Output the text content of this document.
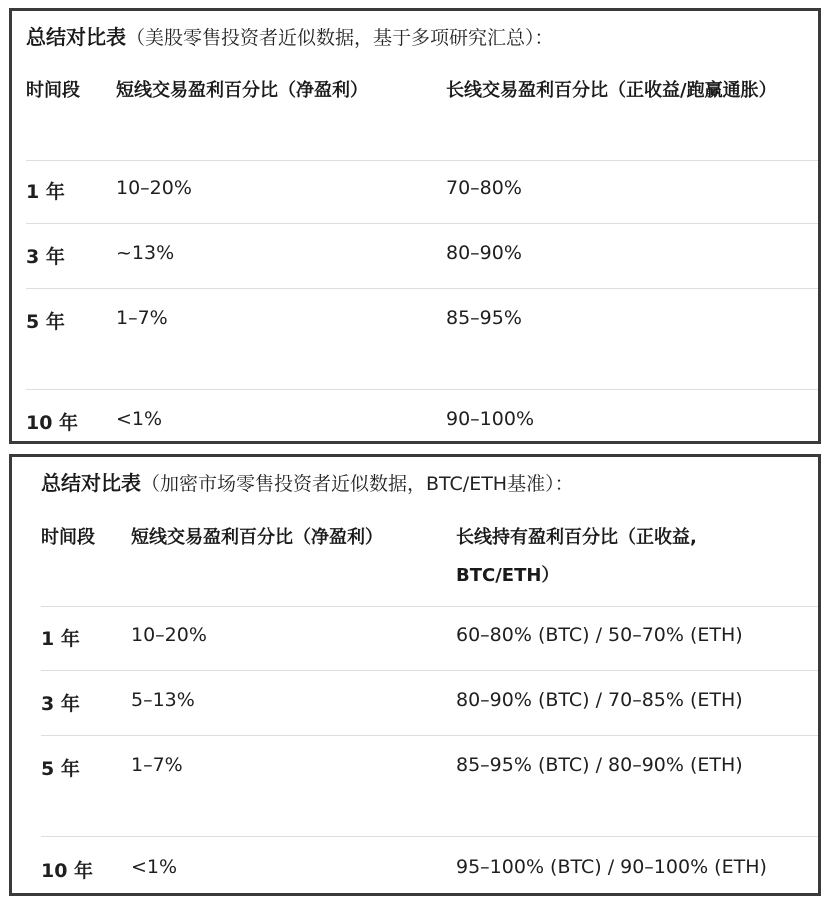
总结对比表（美股零售投资者近似数据，基于多项研究汇总）：
时间段	短线交易盈利百分比（净盈利）	长线交易盈利百分比（正收益/跑赢通胀）
1 年	10–20%	70–80%
3 年	~13%	80–90%
5 年	1–7%	85–95%
10 年 <1%	90–100%
总结对比表（加密市场零售投资者近似数据，BTC/ETH基准）：
时间段	短线交易盈利百分比（净盈利）	长线持有盈利百分比（正收益, BTC/ETH）
1 年	10–20%	60–80% (BTC) / 50–70% (ETH)
3 年	5–13%	80–90% (BTC) / 70–85% (ETH)
5 年	1–7%	85–95% (BTC) / 80–90% (ETH)
10 年 <1%	95–100% (BTC) / 90–100% (ETH)
